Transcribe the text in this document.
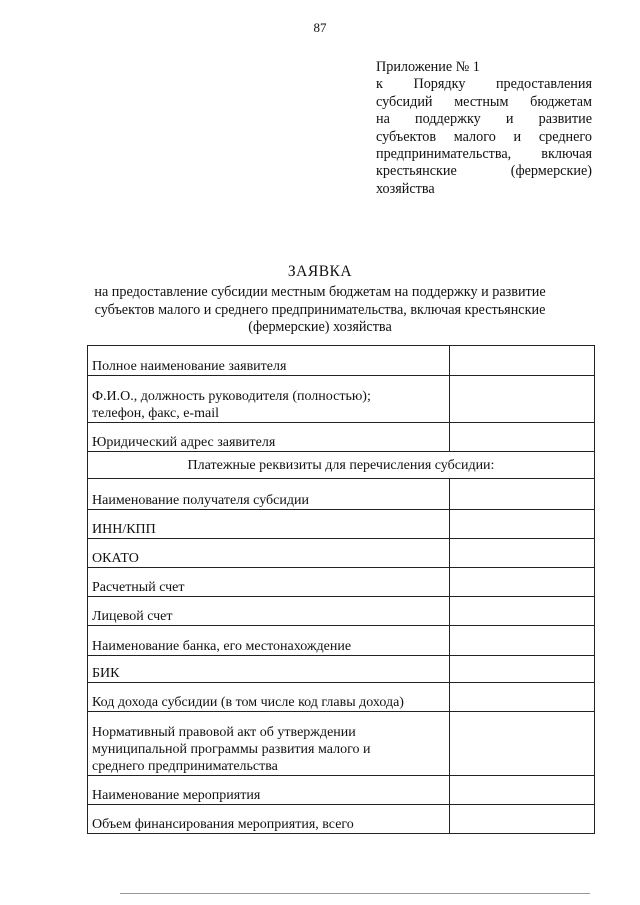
87
Приложение № 1
к Порядку предоставления
субсидий местным бюджетам
на поддержку и развитие
субъектов малого и среднего
предпринимательства, включая
крестьянские	(фермерские)
хозяйства
ЗАЯВКА
на предоставление субсидии местным бюджетам на поддержку и развитие
субъектов малого и среднего предпринимательства, включая крестьянские
(фермерские) хозяйства
Полное наименование заявителя	

Ф.И.О., должность руководителя (полностью);
телефон, факс, e-mail	

Юридический адрес заявителя	

Платежные реквизиты для перечисления субсидии:	

Наименование получателя субсидии	

ИНН/КПП	

ОКАТО	

Расчетный счет	

Лицевой счет	

Наименование банка, его местонахождение	

БИК	

Код дохода субсидии (в том числе код главы дохода)	

Нормативный правовой акт об утверждении
муниципальной программы развития малого и
среднего предпринимательства	

Наименование мероприятия	

Объем финансирования мероприятия, всего	
